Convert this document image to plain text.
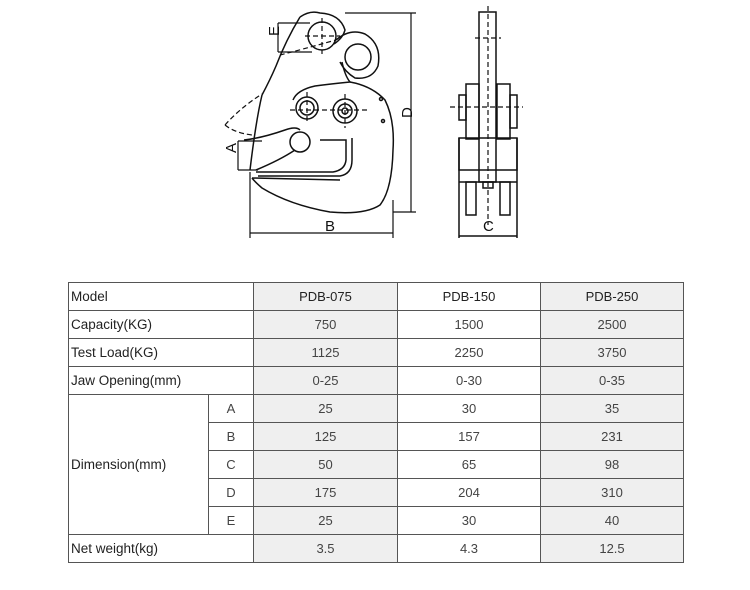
E
A
D
B	C
Model		PDB-075	PDB-150	PDB-250
Capacity(KG)		750	1500	2500
Test Load(KG)		1125	2250	3750
Jaw Opening(mm)		0-25	0-30	0-35
Dimension(mm)	A	25	30	35
	B	125	157	231
	C	50	65	98
	D	175	204	310
	E	25	30	40
Net weight(kg)		3.5	4.3	12.5
